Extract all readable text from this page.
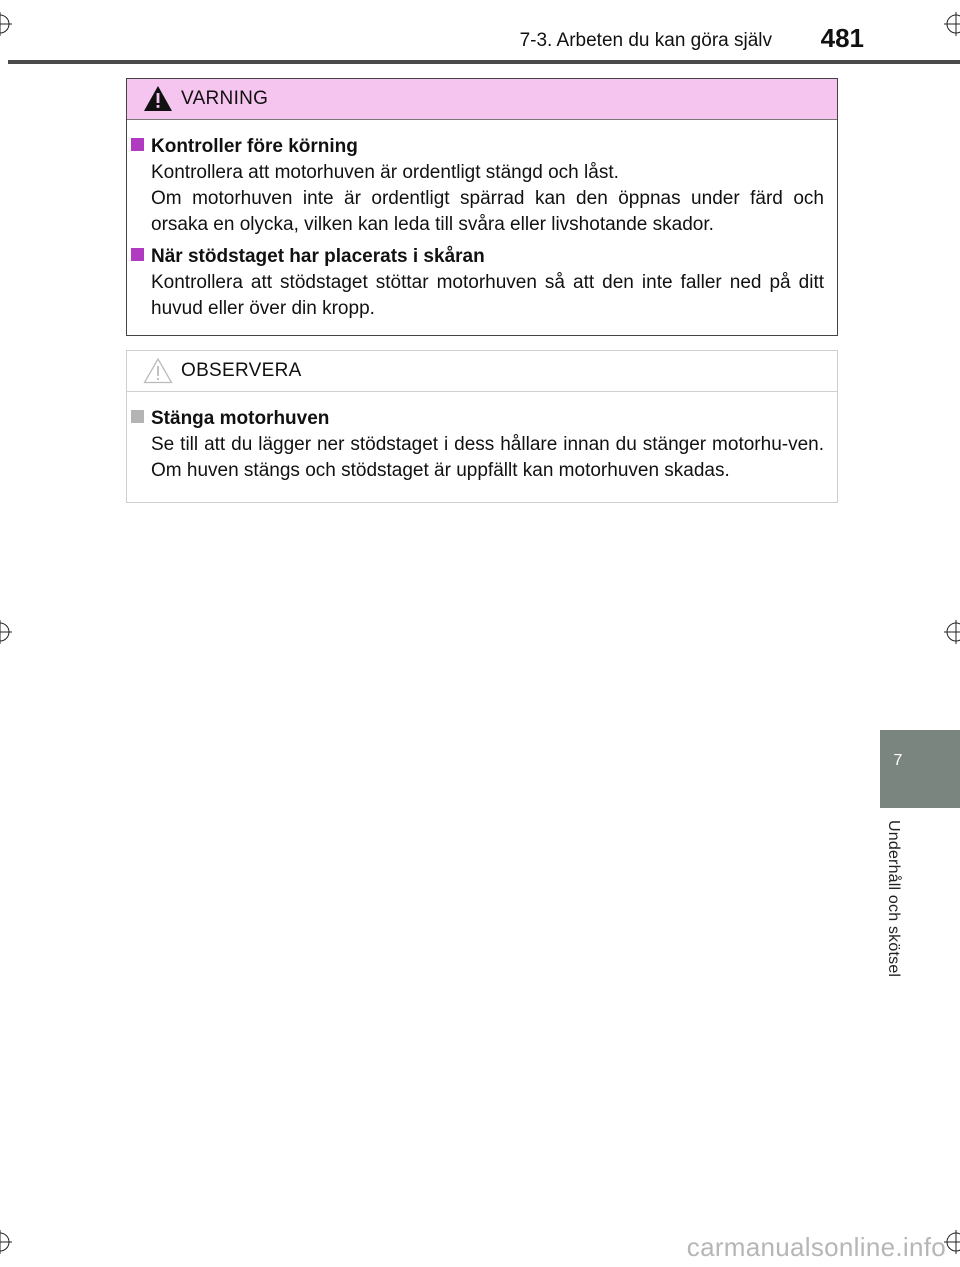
7-3. Arbeten du kan göra själv 481
7
Underhåll och skötsel
VARNING
Kontroller före körning

Kontrollera att motorhuven är ordentligt stängd och låst.

Om motorhuven inte är ordentligt spärrad kan den öppnas under färd och orsaka en olycka, vilken kan leda till svåra eller livshotande skador.

När stödstaget har placerats i skåran

Kontrollera att stödstaget stöttar motorhuven så att den inte faller ned på ditt huvud eller över din kropp.

OBSERVERA
Stänga motorhuven

Se till att du lägger ner stödstaget i dess hållare innan du stänger motorhu-ven. Om huven stängs och stödstaget är uppfällt kan motorhuven skadas.

carmanualsonline.info
